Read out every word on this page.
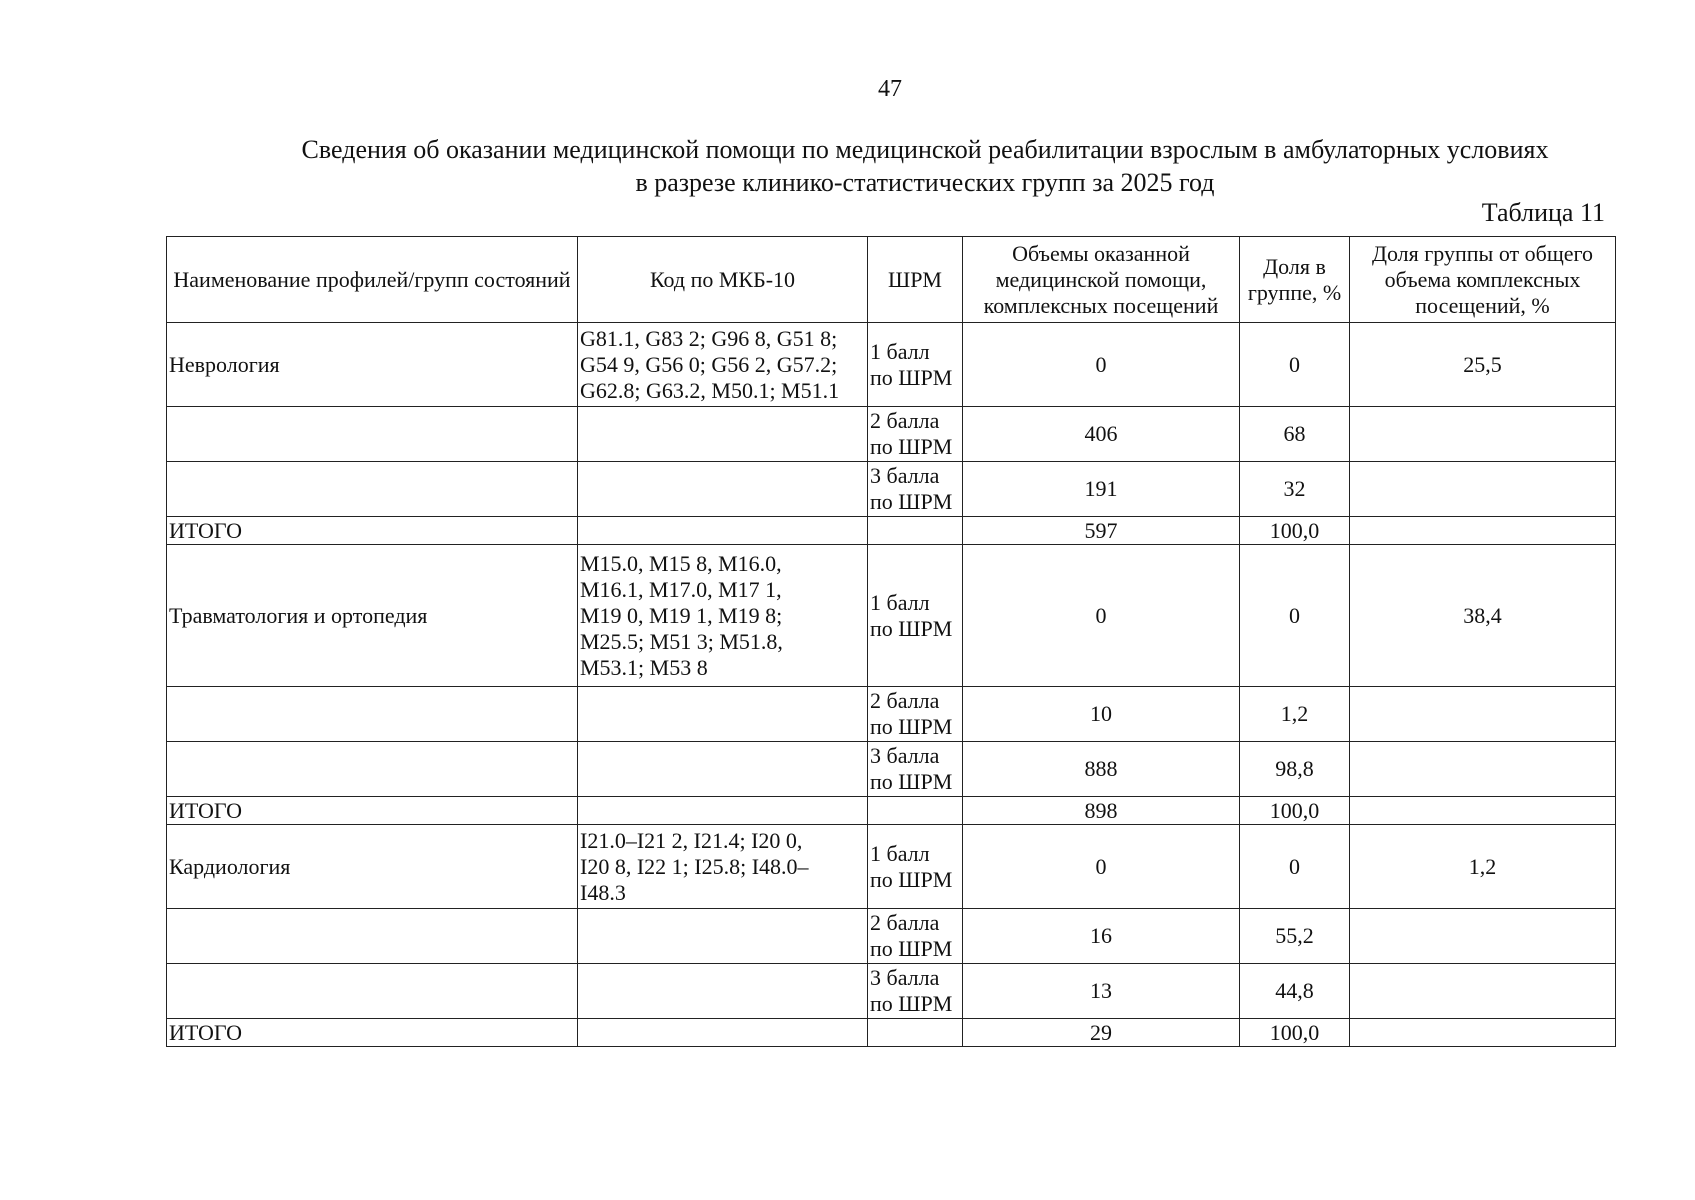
47
Сведения об оказании медицинской помощи по медицинской реабилитации взрослым в амбулаторных условиях
в разрезе клинико-статистических групп за 2025 год
Таблица 11
Наименование профилей/групп состояний	Код по МКБ-10	ШРМ	Объемы оказанной медицинской помощи, комплексных посещений	Доля в группе, %	Доля группы от общего объема комплексных посещений, %
Неврология	G81.1, G83 2; G96 8, G51 8;
G54 9, G56 0; G56 2, G57.2;
G62.8; G63.2, M50.1; M51.1	1 балл
по ШРМ	0	0	25,5
		2 балла
по ШРМ	406	68	
		3 балла
по ШРМ	191	32	
ИТОГО			597	100,0	
Травматология и ортопедия	M15.0, M15 8, M16.0,
M16.1, M17.0, M17 1,
M19 0, M19 1, M19 8;
M25.5; M51 3; M51.8,
M53.1; M53 8	1 балл
по ШРМ	0	0	38,4
		2 балла
по ШРМ	10	1,2	
		3 балла
по ШРМ	888	98,8	
ИТОГО			898	100,0	
Кардиология	I21.0–I21 2, I21.4; I20 0,
I20 8, I22 1; I25.8; I48.0–
I48.3	1 балл
по ШРМ	0	0	1,2
		2 балла
по ШРМ	16	55,2	
		3 балла
по ШРМ	13	44,8	
ИТОГО			29	100,0	
